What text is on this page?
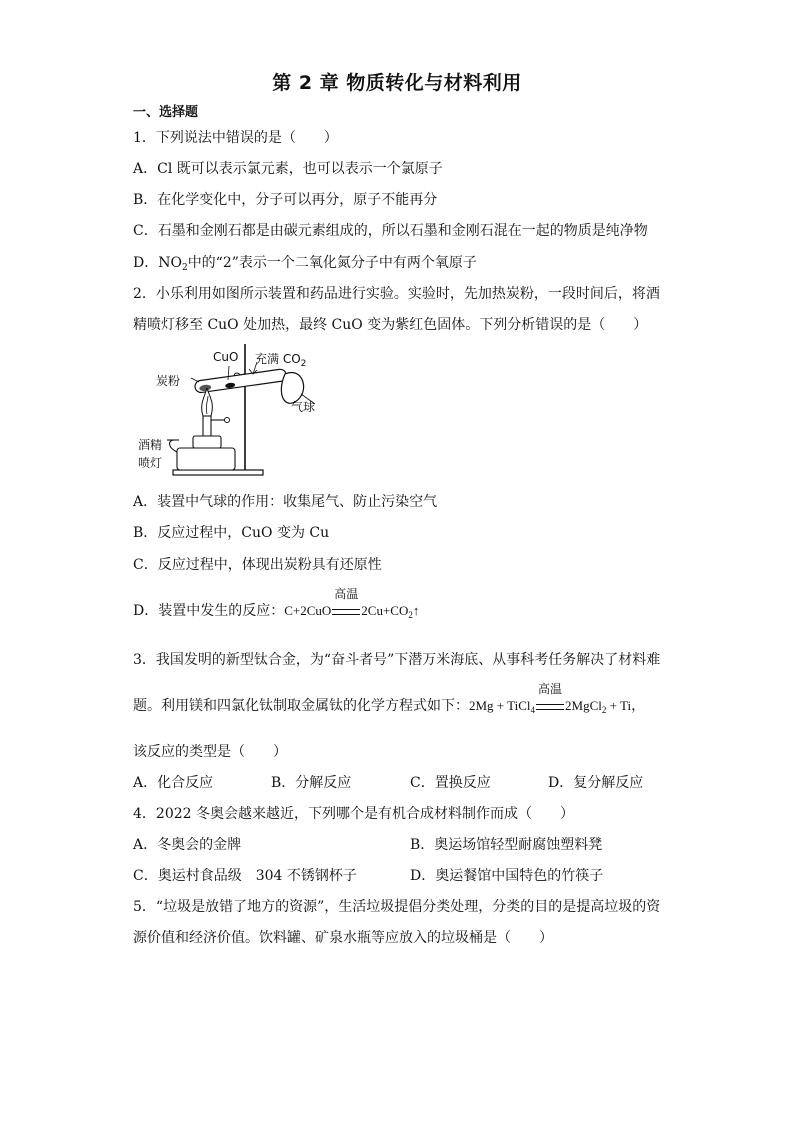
第 2 章 物质转化与材料利用
一、选择题
1．下列说法中错误的是（　　）
A．Cl 既可以表示氯元素，也可以表示一个氯原子
B．在化学变化中，分子可以再分，原子不能再分
C．石墨和金刚石都是由碳元素组成的，所以石墨和金刚石混在一起的物质是纯净物
D．$NO_2$中的“2”表示一个二氧化氮分子中有两个氧原子
2．小乐利用如图所示装置和药品进行实验。实验时，先加热炭粉，一段时间后，将酒
精喷灯移至 CuO 处加热，最终 CuO 变为紫红色固体。下列分析错误的是（　　）
CuO 充满 $CO_2$
炭粉
气球
酒精
喷灯
A．装置中气球的作用：收集尾气、防止污染空气
B．反应过程中，CuO 变为 Cu
C．反应过程中，体现出炭粉具有还原性
D．装置中发生的反应：C+2CuO
高温
$2Cu+CO_2↑$
3．我国发明的新型钛合金，为“奋斗者号”下潜万米海底、从事科考任务解决了材料难
题。利用镁和四氯化钛制取金属钛的化学方程式如下：2Mg + TiCl$_4$
高温
2MgCl$_2$ + Ti，
该反应的类型是（　　）
A．化合反应	B．分解反应	C．置换反应	D．复分解反应
4．2022 冬奥会越来越近，下列哪个是有机合成材料制作而成（　　）
A．冬奥会的金牌	B．奥运场馆轻型耐腐蚀塑料凳
C．奥运村食品级　304 不锈钢杯子	D．奥运餐馆中国特色的竹筷子
5．“垃圾是放错了地方的资源”，生活垃圾提倡分类处理，分类的目的是提高垃圾的资
源价值和经济价值。饮料罐、矿泉水瓶等应放入的垃圾桶是（　　）
